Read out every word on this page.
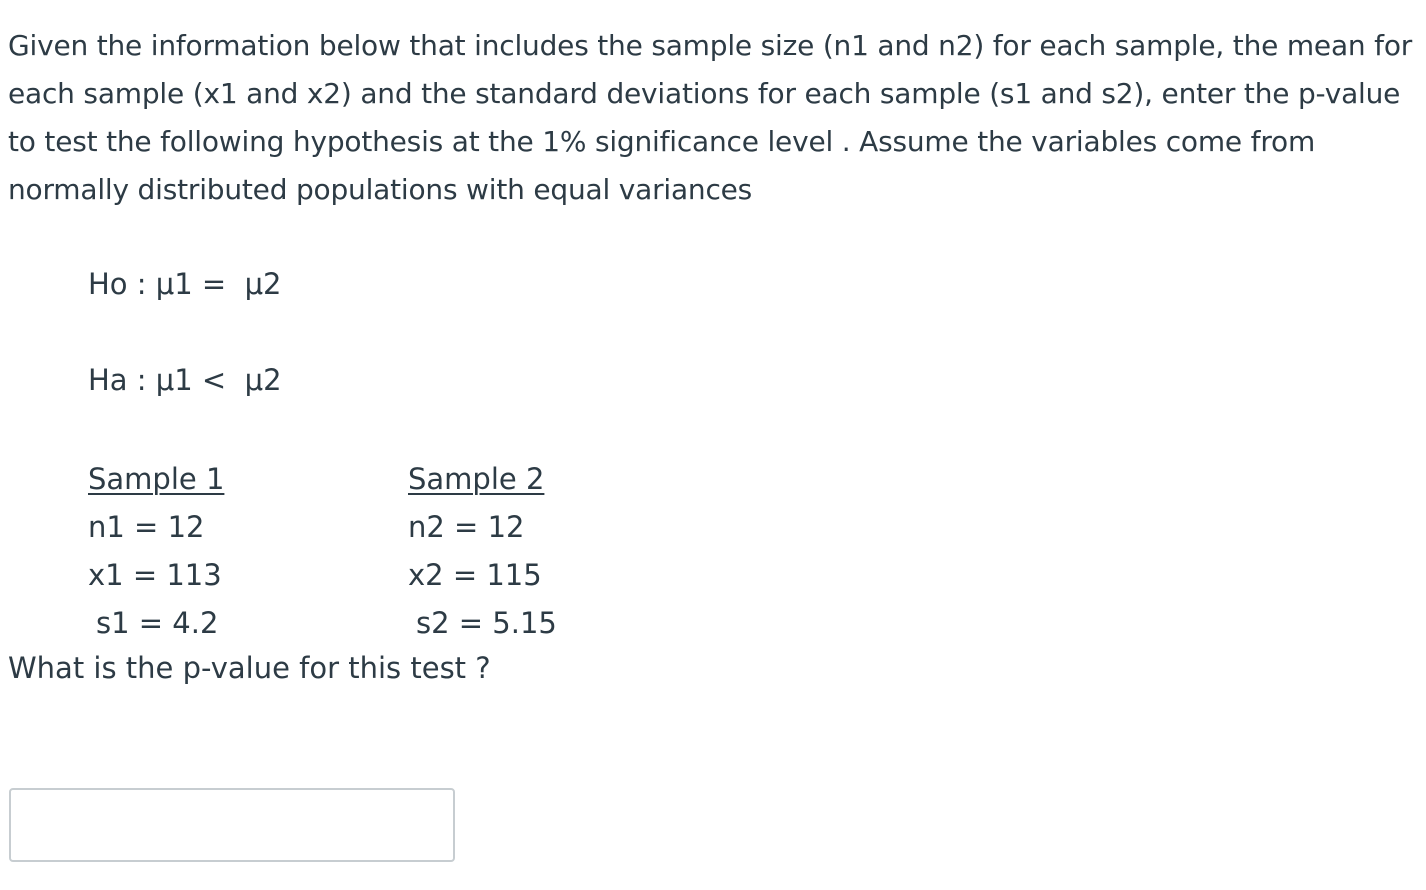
Given the information below that includes the sample size (n1 and n2) for each sample, the mean for each sample (x1 and x2) and the standard deviations for each sample (s1 and s2), enter the p-value to test the following hypothesis at the 1% significance level . Assume the variables come from normally distributed populations with equal variances

Ho : μ1 =  μ2
Ha : μ1 <  μ2
Sample 1
n1 = 12
x1 = 113
s1 = 4.2
Sample 2
n2 = 12
x2 = 115
s2 = 5.15

What is the p-value for this test ?
